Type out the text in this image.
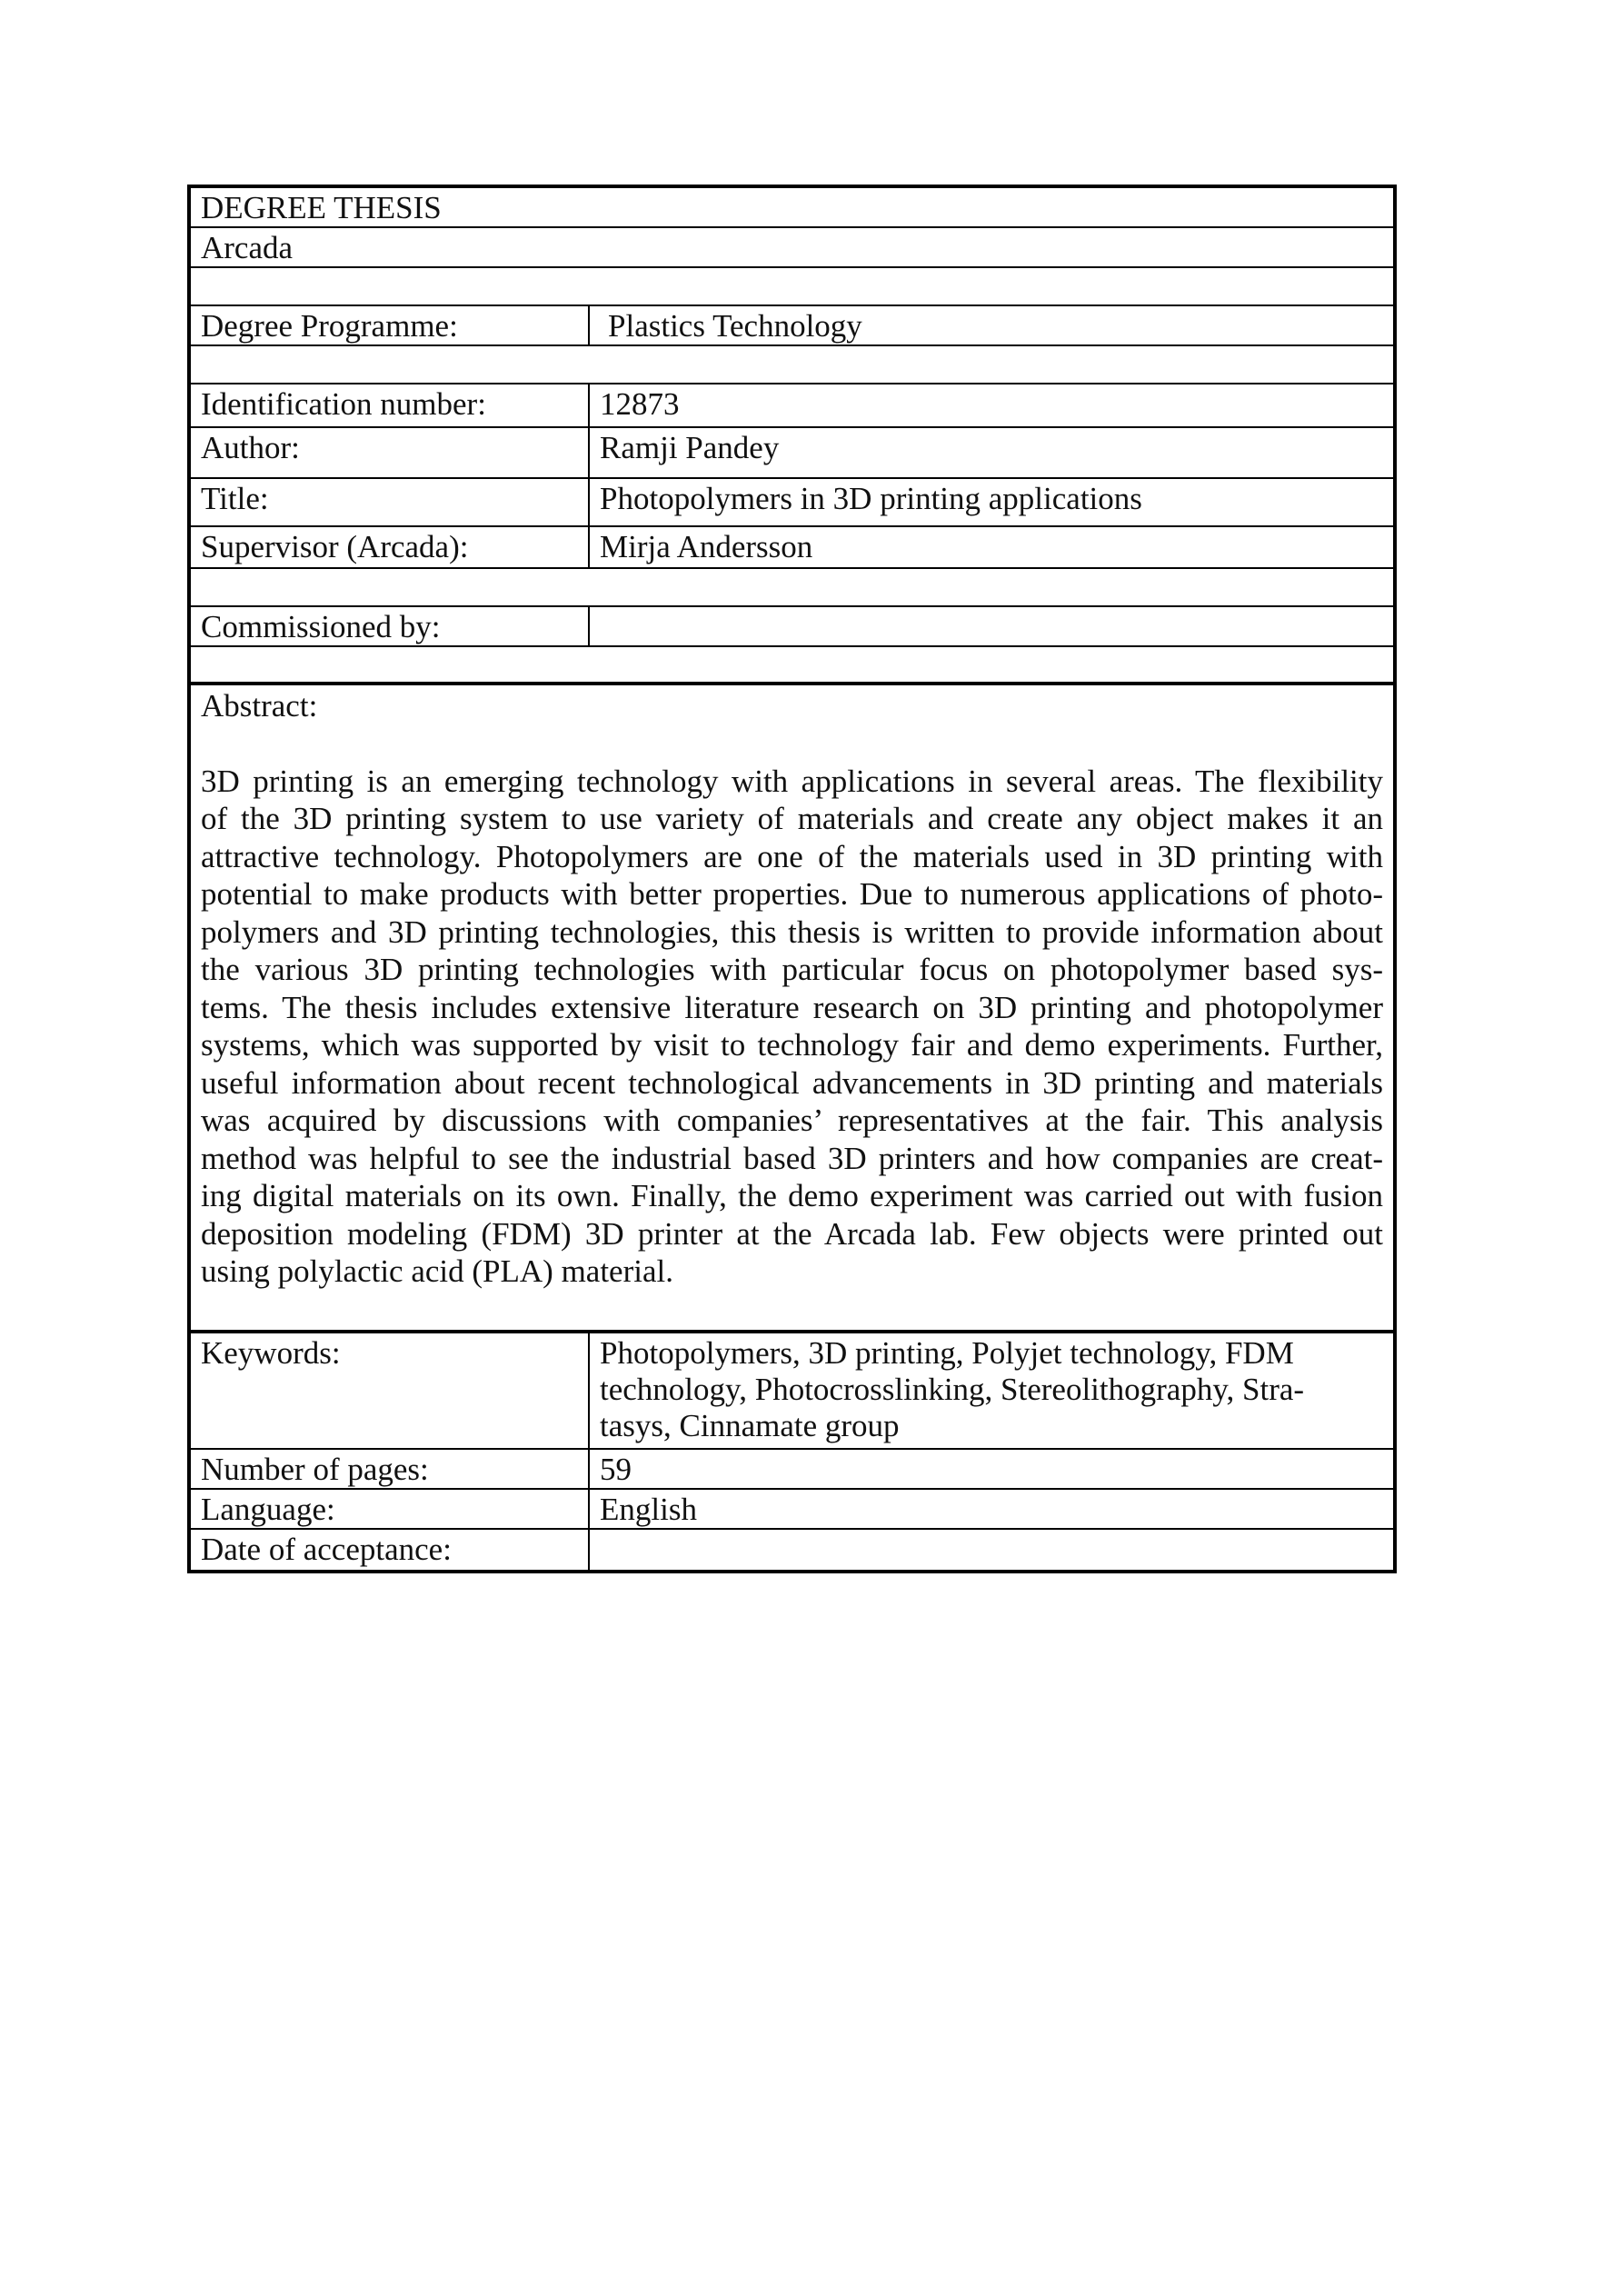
DEGREE THESIS
Arcada
Degree Programme:	Plastics Technology
Identification number:	12873
Author:	Ramji Pandey
Title:	Photopolymers in 3D printing applications
Supervisor (Arcada):	Mirja Andersson
Commissioned by:
Abstract:

3D printing is an emerging technology with applications in several areas. The flexibility
of the 3D printing system to use variety of materials and create any object makes it an
attractive technology. Photopolymers are one of the materials used in 3D printing with
potential to make products with better properties. Due to numerous applications of photo-
polymers and 3D printing technologies, this thesis is written to provide information about
the various 3D printing technologies with particular focus on photopolymer based sys-
tems. The thesis includes extensive literature research on 3D printing and photopolymer
systems, which was supported by visit to technology fair and demo experiments. Further,
useful information about recent technological advancements in 3D printing and materials
was acquired by discussions with companies’ representatives at the fair. This analysis
method was helpful to see the industrial based 3D printers and how companies are creat-
ing digital materials on its own. Finally, the demo experiment was carried out with fusion
deposition modeling (FDM) 3D printer at the Arcada lab. Few objects were printed out
using polylactic acid (PLA) material.

Keywords:	Photopolymers, 3D printing, Polyjet technology, FDM
technology, Photocrosslinking, Stereolithography, Stra-
tasys, Cinnamate group
Number of pages:	59
Language:	English
Date of acceptance:
